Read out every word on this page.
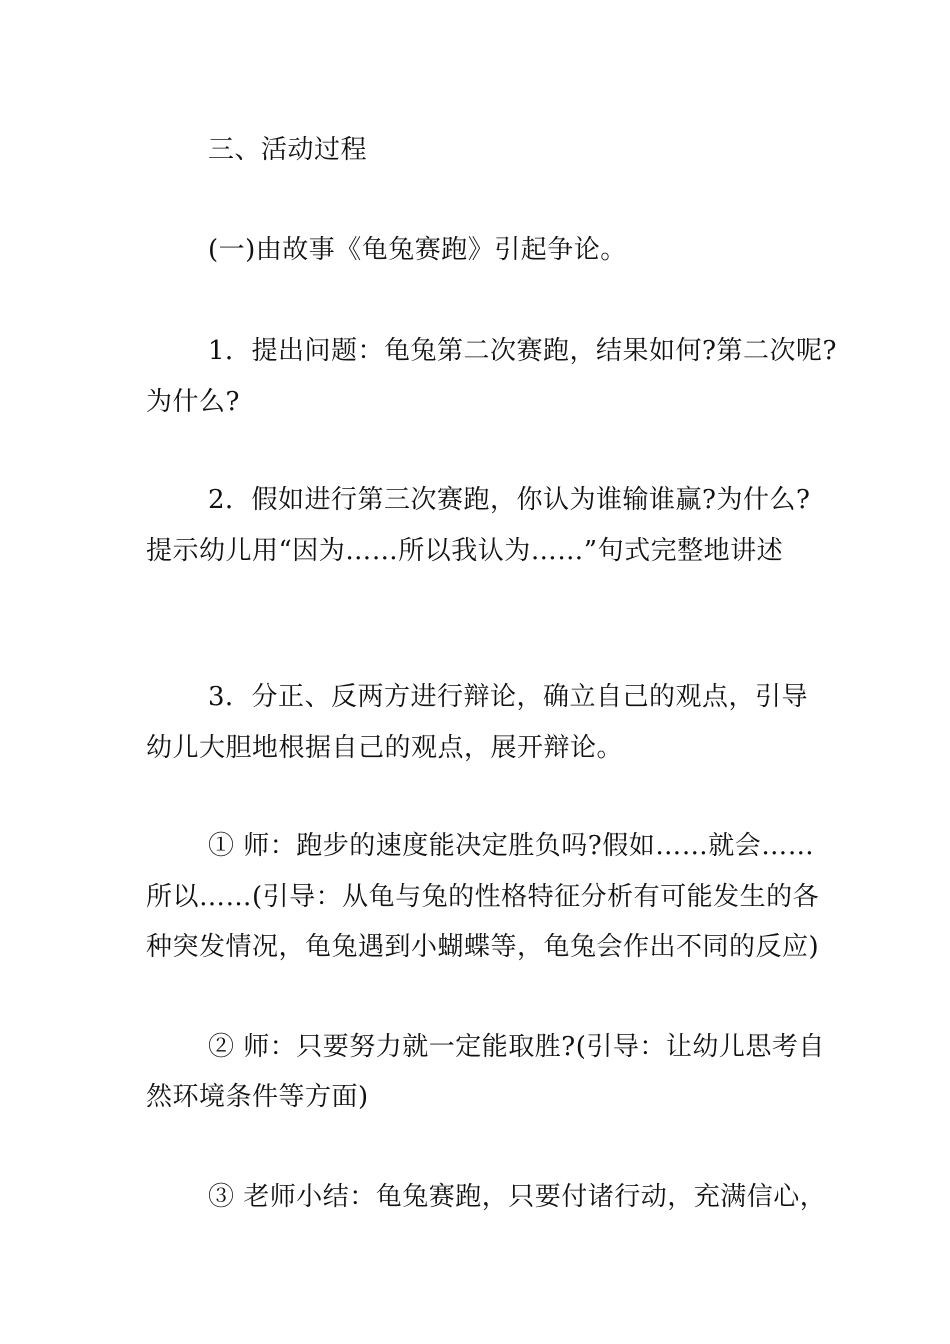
三、活动过程
(一)由故事《龟兔赛跑》引起争论。
1．提出问题：龟兔第二次赛跑，结果如何?第二次呢?
为什么?
2．假如进行第三次赛跑，你认为谁输谁赢?为什么?
提示幼儿用“因为……所以我认为……”句式完整地讲述
3．分正、反两方进行辩论，确立自己的观点，引导
幼儿大胆地根据自己的观点，展开辩论。
① 师：跑步的速度能决定胜负吗?假如……就会……
所以……(引导：从龟与兔的性格特征分析有可能发生的各
种突发情况，龟兔遇到小蝴蝶等，龟兔会作出不同的反应)
② 师：只要努力就一定能取胜?(引导：让幼儿思考自
然环境条件等方面)
③ 老师小结：龟兔赛跑，只要付诸行动，充满信心，
